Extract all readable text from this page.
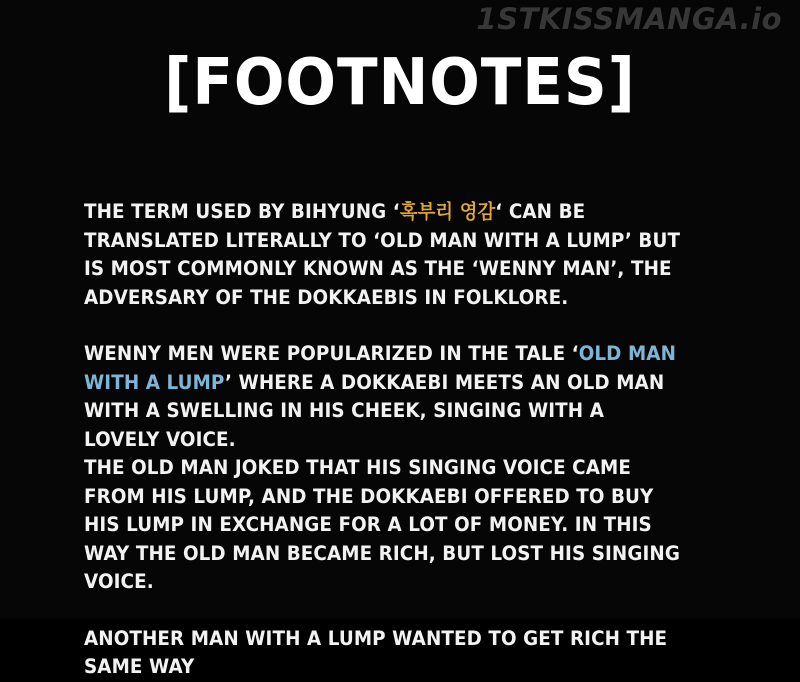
1STKISSMANGA.io
[FOOTNOTES]

THE TERM USED BY BIHYUNG ‘혹부리 영감‘ CAN BE TRANSLATED LITERALLY TO ‘OLD MAN WITH A LUMP’ BUT IS MOST COMMONLY KNOWN AS THE ‘WENNY MAN’, THE ADVERSARY OF THE DOKKAEBIS IN FOLKLORE.

WENNY MEN WERE POPULARIZED IN THE TALE ‘OLD MAN WITH A LUMP’ WHERE A DOKKAEBI MEETS AN OLD MAN WITH A SWELLING IN HIS CHEEK, SINGING WITH A LOVELY VOICE.
THE OLD MAN JOKED THAT HIS SINGING VOICE CAME FROM HIS LUMP, AND THE DOKKAEBI OFFERED TO BUY HIS LUMP IN EXCHANGE FOR A LOT OF MONEY. IN THIS WAY THE OLD MAN BECAME RICH, BUT LOST HIS SINGING VOICE.

ANOTHER MAN WITH A LUMP WANTED TO GET RICH THE SAME WAY
